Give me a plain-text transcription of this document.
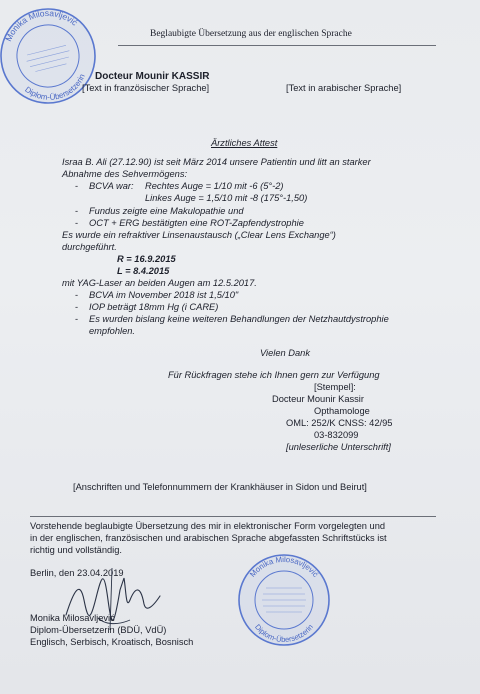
Monika Milosavljević
Diplom-Übersetzerin
Beglaubigte Übersetzung aus der englischen Sprache
Docteur Mounir KASSIR
[Text in französischer Sprache]	[Text in arabischer Sprache]
Ärztliches Attest
Israa B. Ali (27.12.90) ist seit März 2014 unsere Patientin und litt an starker
Abnahme des Sehvermögens:
- BCVA war: Rechtes Auge = 1/10 mit -6 (5°-2)
Linkes Auge = 1,5/10 mit -8 (175°-1,50)
- Fundus zeigte eine Makulopathie und
- OCT + ERG bestätigten eine ROT-Zapfendystrophie
Es wurde ein refraktiver Linsenaustausch („Clear Lens Exchange“)
durchgeführt.
R = 16.9.2015
L = 8.4.2015
mit YAG-Laser an beiden Augen am 12.5.2017.
- BCVA im November 2018 ist 1,5/10"
- IOP beträgt 18mm Hg (i CARE)
- Es wurden bislang keine weiteren Behandlungen der Netzhautdystrophie
empfohlen.
Vielen Dank
Für Rückfragen stehe ich Ihnen gern zur Verfügung
[Stempel]:
Docteur Mounir Kassir
Opthamologe
OML: 252/K CNSS: 42/95
03-832099
[unleserliche Unterschrift]
[Anschriften und Telefonnummern der Krankhäuser in Sidon und Beirut]
Vorstehende beglaubigte Übersetzung des mir in elektronischer Form vorgelegten und
in der englischen, französischen und arabischen Sprache abgefassten Schriftstücks ist
richtig und vollständig.
Berlin, den 23.04.2019
Monika Milosavljević
Diplom-Übersetzerin (BDÜ, VdÜ)
Englisch, Serbisch, Kroatisch, Bosnisch
Monika Milosavljević
Diplom-Übersetzerin
